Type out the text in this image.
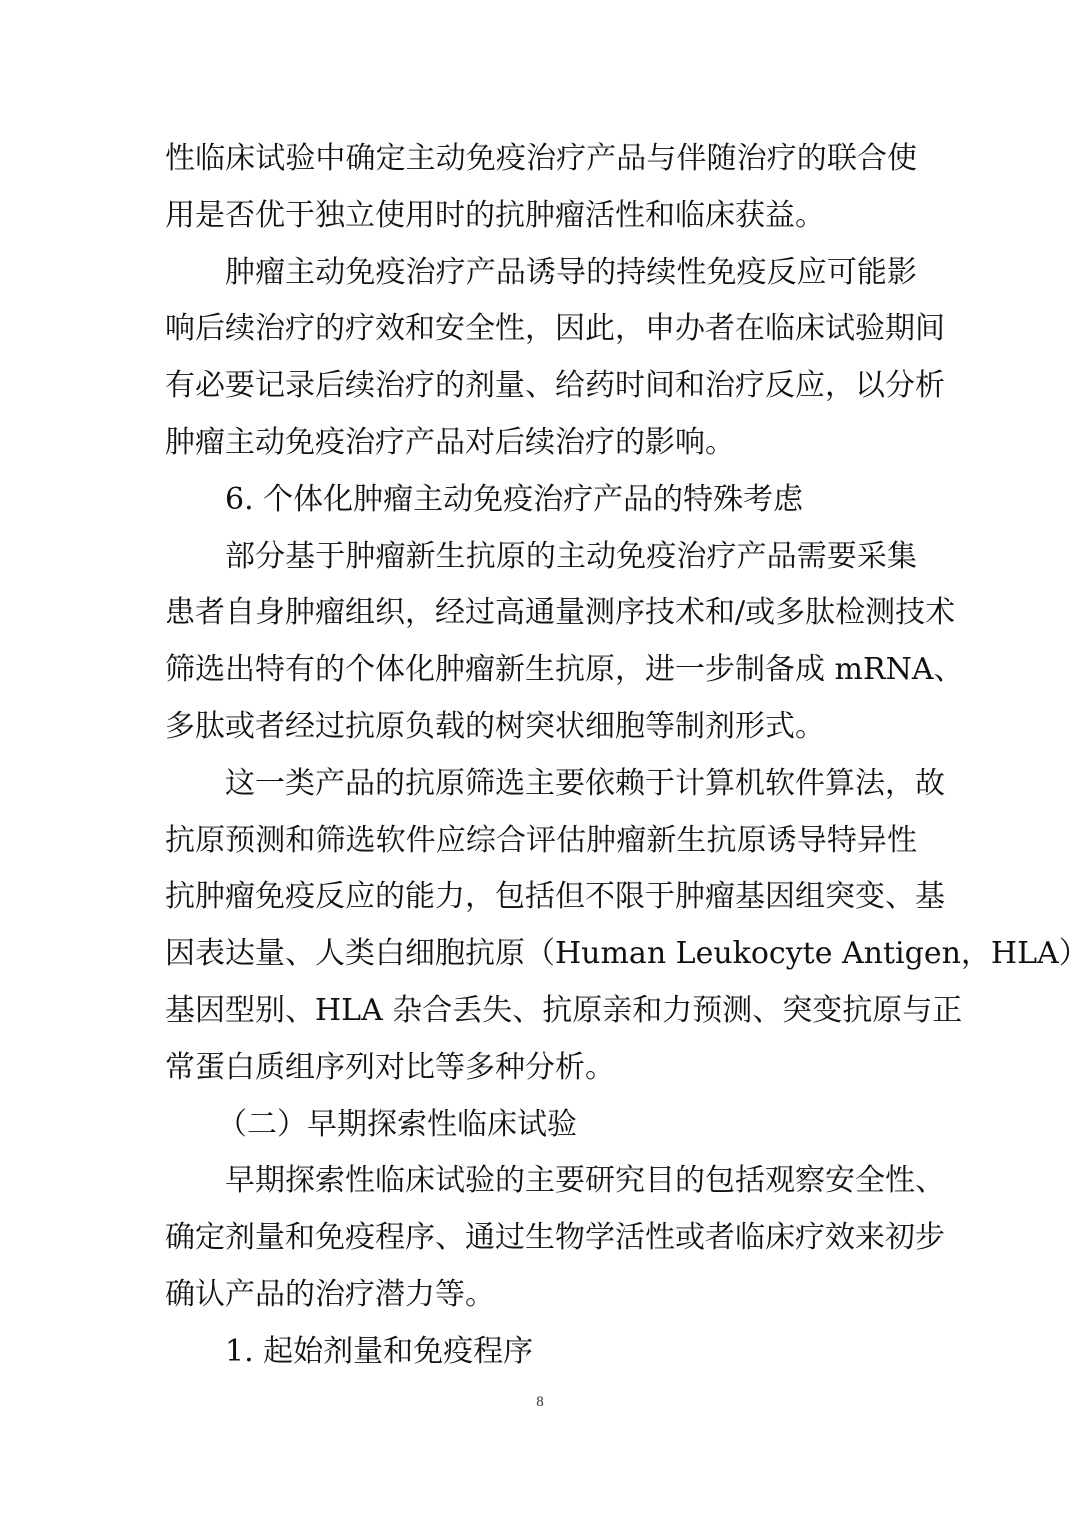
性临床试验中确定主动免疫治疗产品与伴随治疗的联合使
用是否优于独立使用时的抗肿瘤活性和临床获益。
肿瘤主动免疫治疗产品诱导的持续性免疫反应可能影
响后续治疗的疗效和安全性，因此，申办者在临床试验期间
有必要记录后续治疗的剂量、给药时间和治疗反应，以分析
肿瘤主动免疫治疗产品对后续治疗的影响。
6. 个体化肿瘤主动免疫治疗产品的特殊考虑
部分基于肿瘤新生抗原的主动免疫治疗产品需要采集
患者自身肿瘤组织，经过高通量测序技术和/或多肽检测技术
筛选出特有的个体化肿瘤新生抗原，进一步制备成 mRNA、
多肽或者经过抗原负载的树突状细胞等制剂形式。
这一类产品的抗原筛选主要依赖于计算机软件算法，故
抗原预测和筛选软件应综合评估肿瘤新生抗原诱导特异性
抗肿瘤免疫反应的能力，包括但不限于肿瘤基因组突变、基
因表达量、人类白细胞抗原（Human Leukocyte Antigen，HLA）
基因型别、HLA 杂合丢失、抗原亲和力预测、突变抗原与正
常蛋白质组序列对比等多种分析。
（二）早期探索性临床试验
早期探索性临床试验的主要研究目的包括观察安全性、
确定剂量和免疫程序、通过生物学活性或者临床疗效来初步
确认产品的治疗潜力等。
1. 起始剂量和免疫程序
8
